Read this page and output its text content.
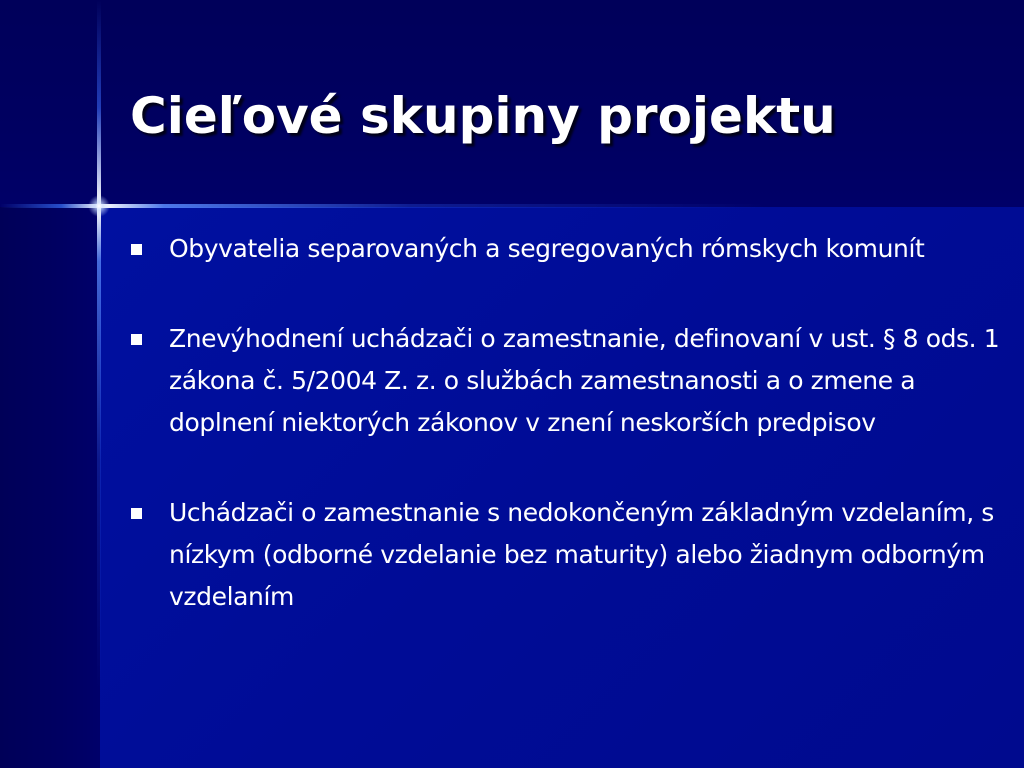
Cieľové skupiny projektu
Obyvatelia separovaných a segregovaných rómskych komunít
Znevýhodnení uchádzači o zamestnanie, definovaní v ust. § 8 ods. 1 zákona č. 5/2004 Z. z. o službách zamestnanosti a o zmene a doplnení niektorých zákonov v znení neskorších predpisov
Uchádzači o zamestnanie s nedokončeným základným vzdelaním, s nízkym (odborné vzdelanie bez maturity) alebo žiadnym odborným vzdelaním
